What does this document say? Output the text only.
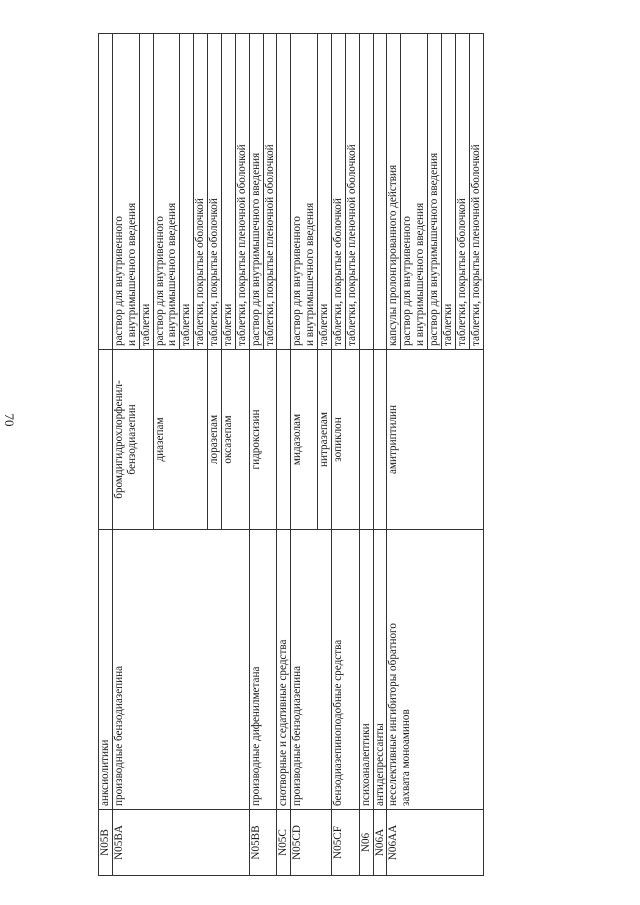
70
N05B	анксиолитики		
N05BA	производные бензодиазепина	бромдигидрохлорфенил-
бензодиазепин	раствор для внутривенного
и внутримышечного введения
			таблетки
		диазепам	раствор для внутривенного
и внутримышечного введения
			таблетки
			таблетки, покрытые оболочкой
		лоразепам	таблетки, покрытые оболочкой
		оксазепам	таблетки
			таблетки, покрытые пленочной оболочкой
N05BB	производные дифенилметана	гидроксизин	раствор для внутримышечного введения
			таблетки, покрытые пленочной оболочкой
N05C	снотворные и седативные средства		
N05CD	производные бензодиазепина	мидазолам	раствор для внутривенного
и внутримышечного введения
		нитразепам	таблетки
N05CF	бензодиазепиноподобные средства	зопиклон	таблетки, покрытые оболочкой
			таблетки, покрытые пленочной оболочкой
N06	психоаналептики		
N06A	антидепрессанты		
N06AA	неселективные ингибиторы обратного
захвата моноаминов	амитриптилин	капсулы пролонгированного действия
			раствор для внутривенного
и внутримышечного введения
			раствор для внутримышечного введения
			таблетки
			таблетки, покрытые оболочкой
			таблетки, покрытые пленочной оболочкой
